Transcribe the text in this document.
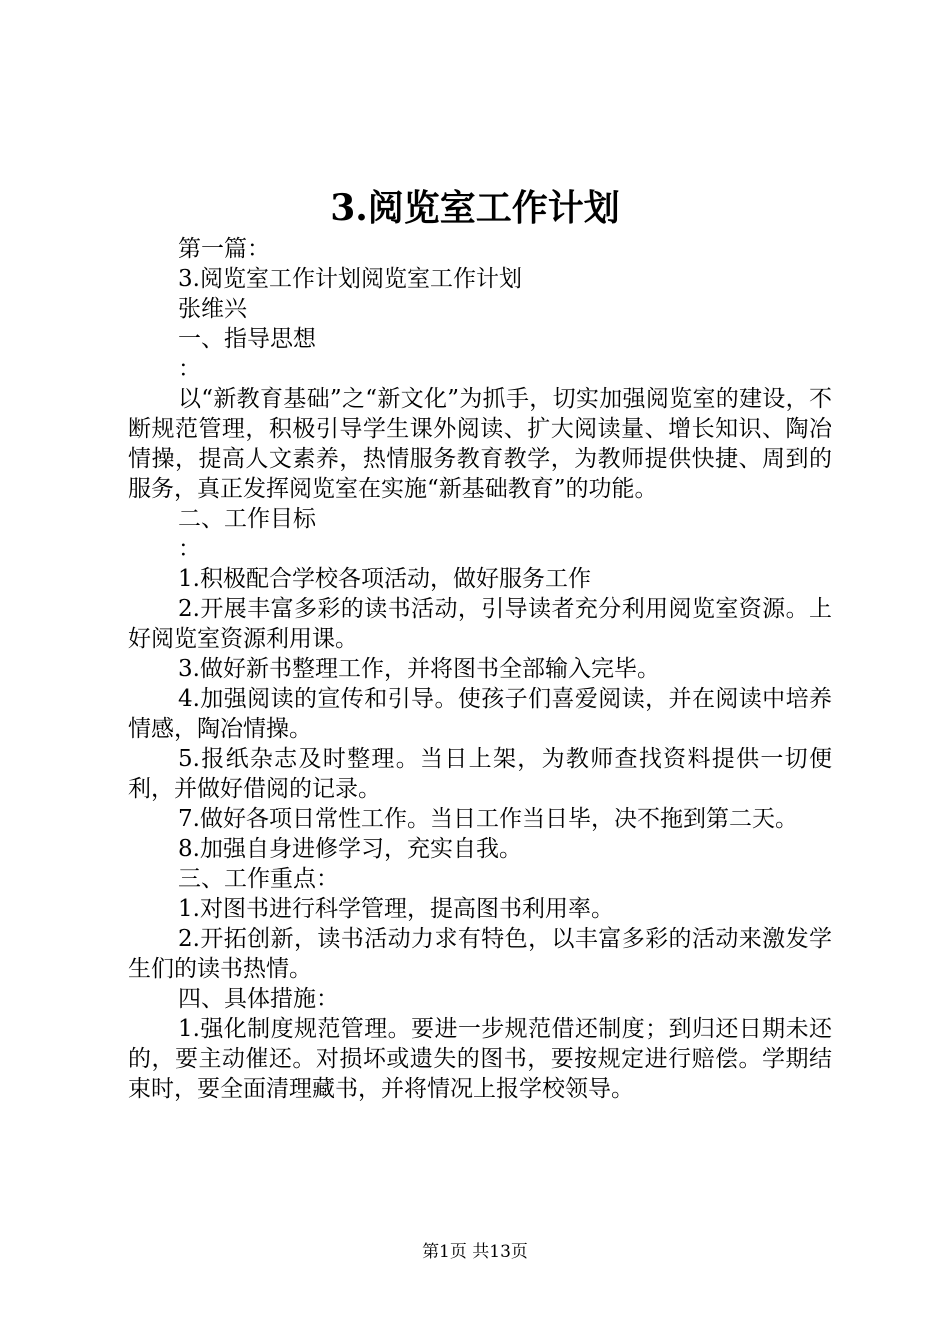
3.阅览室工作计划

第一篇：

3.阅览室工作计划阅览室工作计划

张维兴

一、指导思想

：

以“新教育基础”之“新文化”为抓手，切实加强阅览室的建设，不断规范管理，积极引导学生课外阅读、扩大阅读量、增长知识、陶冶情操，提高人文素养，热情服务教育教学，为教师提供快捷、周到的服务，真正发挥阅览室在实施“新基础教育”的功能。

二、工作目标

：

1.积极配合学校各项活动，做好服务工作

2.开展丰富多彩的读书活动，引导读者充分利用阅览室资源。上好阅览室资源利用课。

3.做好新书整理工作，并将图书全部输入完毕。

4.加强阅读的宣传和引导。使孩子们喜爱阅读，并在阅读中培养情感，陶冶情操。

5.报纸杂志及时整理。当日上架，为教师查找资料提供一切便利，并做好借阅的记录。

7.做好各项日常性工作。当日工作当日毕，决不拖到第二天。

8.加强自身进修学习，充实自我。

三、工作重点：

1.对图书进行科学管理，提高图书利用率。

2.开拓创新，读书活动力求有特色，以丰富多彩的活动来激发学生们的读书热情。

四、具体措施：

1.强化制度规范管理。要进一步规范借还制度；到归还日期未还的，要主动催还。对损坏或遗失的图书，要按规定进行赔偿。学期结束时，要全面清理藏书，并将情况上报学校领导。

第1页 共13页
